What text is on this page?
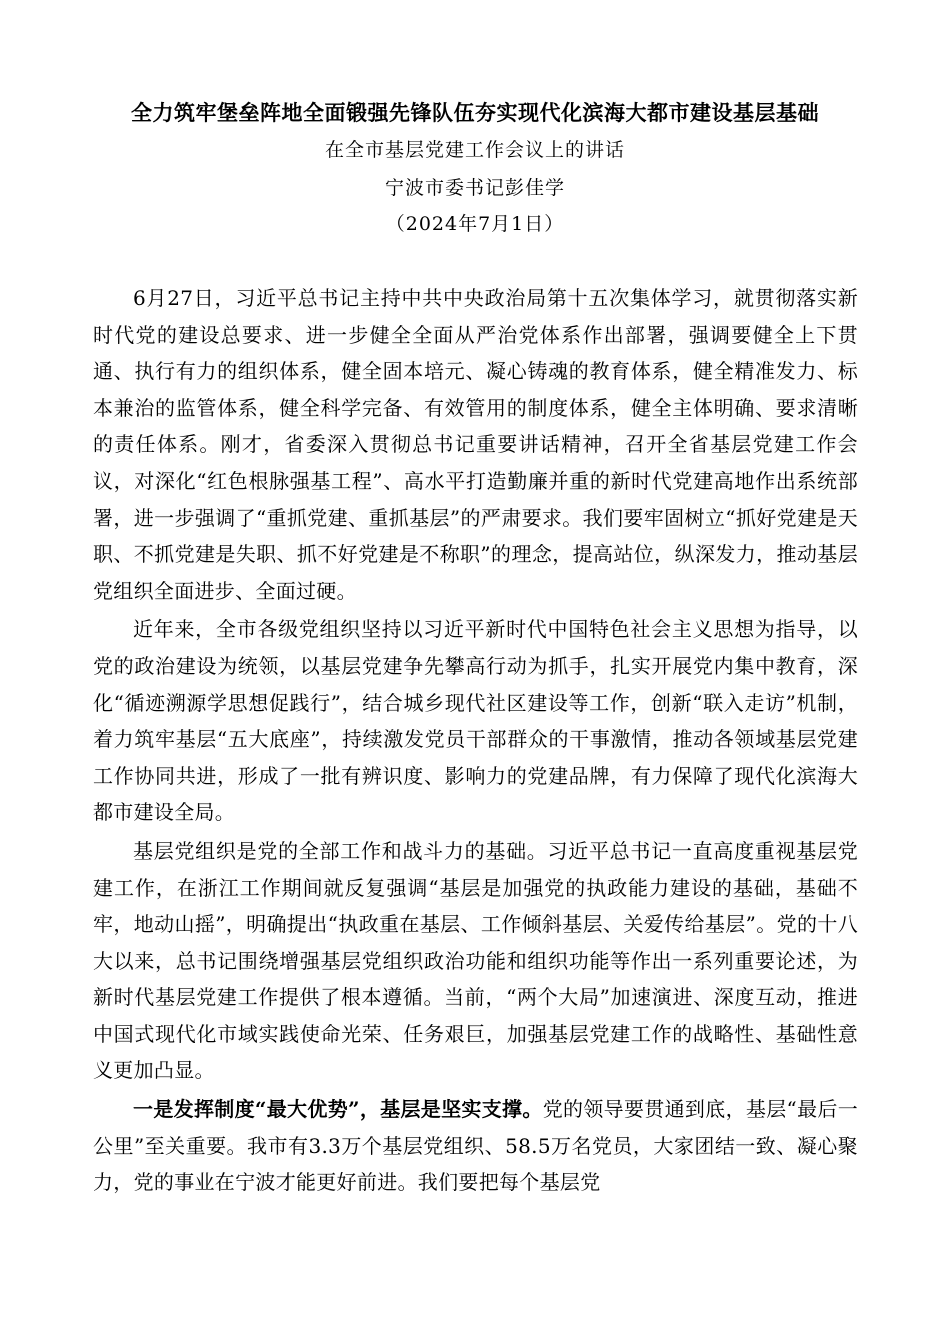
全力筑牢堡垒阵地全面锻强先锋队伍夯实现代化滨海大都市建设基层基础
在全市基层党建工作会议上的讲话
宁波市委书记彭佳学
（2024年7月1日）

6月27日，习近平总书记主持中共中央政治局第十五次集体学习，就贯彻落实新时代党的建设总要求、进一步健全全面从严治党体系作出部署，强调要健全上下贯通、执行有力的组织体系，健全固本培元、凝心铸魂的教育体系，健全精准发力、标本兼治的监管体系，健全科学完备、有效管用的制度体系，健全主体明确、要求清晰的责任体系。刚才，省委深入贯彻总书记重要讲话精神，召开全省基层党建工作会议，对深化“红色根脉强基工程”、高水平打造勤廉并重的新时代党建高地作出系统部署，进一步强调了“重抓党建、重抓基层”的严肃要求。我们要牢固树立“抓好党建是天职、不抓党建是失职、抓不好党建是不称职”的理念，提高站位，纵深发力，推动基层党组织全面进步、全面过硬。

近年来，全市各级党组织坚持以习近平新时代中国特色社会主义思想为指导，以党的政治建设为统领，以基层党建争先攀高行动为抓手，扎实开展党内集中教育，深化“循迹溯源学思想促践行”，结合城乡现代社区建设等工作，创新“联入走访”机制，着力筑牢基层“五大底座”，持续激发党员干部群众的干事激情，推动各领域基层党建工作协同共进，形成了一批有辨识度、影响力的党建品牌，有力保障了现代化滨海大都市建设全局。

基层党组织是党的全部工作和战斗力的基础。习近平总书记一直高度重视基层党建工作，在浙江工作期间就反复强调“基层是加强党的执政能力建设的基础，基础不牢，地动山摇”，明确提出“执政重在基层、工作倾斜基层、关爱传给基层”。党的十八大以来，总书记围绕增强基层党组织政治功能和组织功能等作出一系列重要论述，为新时代基层党建工作提供了根本遵循。当前，“两个大局”加速演进、深度互动，推进中国式现代化市域实践使命光荣、任务艰巨，加强基层党建工作的战略性、基础性意义更加凸显。

一是发挥制度“最大优势”，基层是坚实支撑。党的领导要贯通到底，基层“最后一公里”至关重要。我市有3.3万个基层党组织、58.5万名党员，大家团结一致、凝心聚力，党的事业在宁波才能更好前进。我们要把每个基层党
